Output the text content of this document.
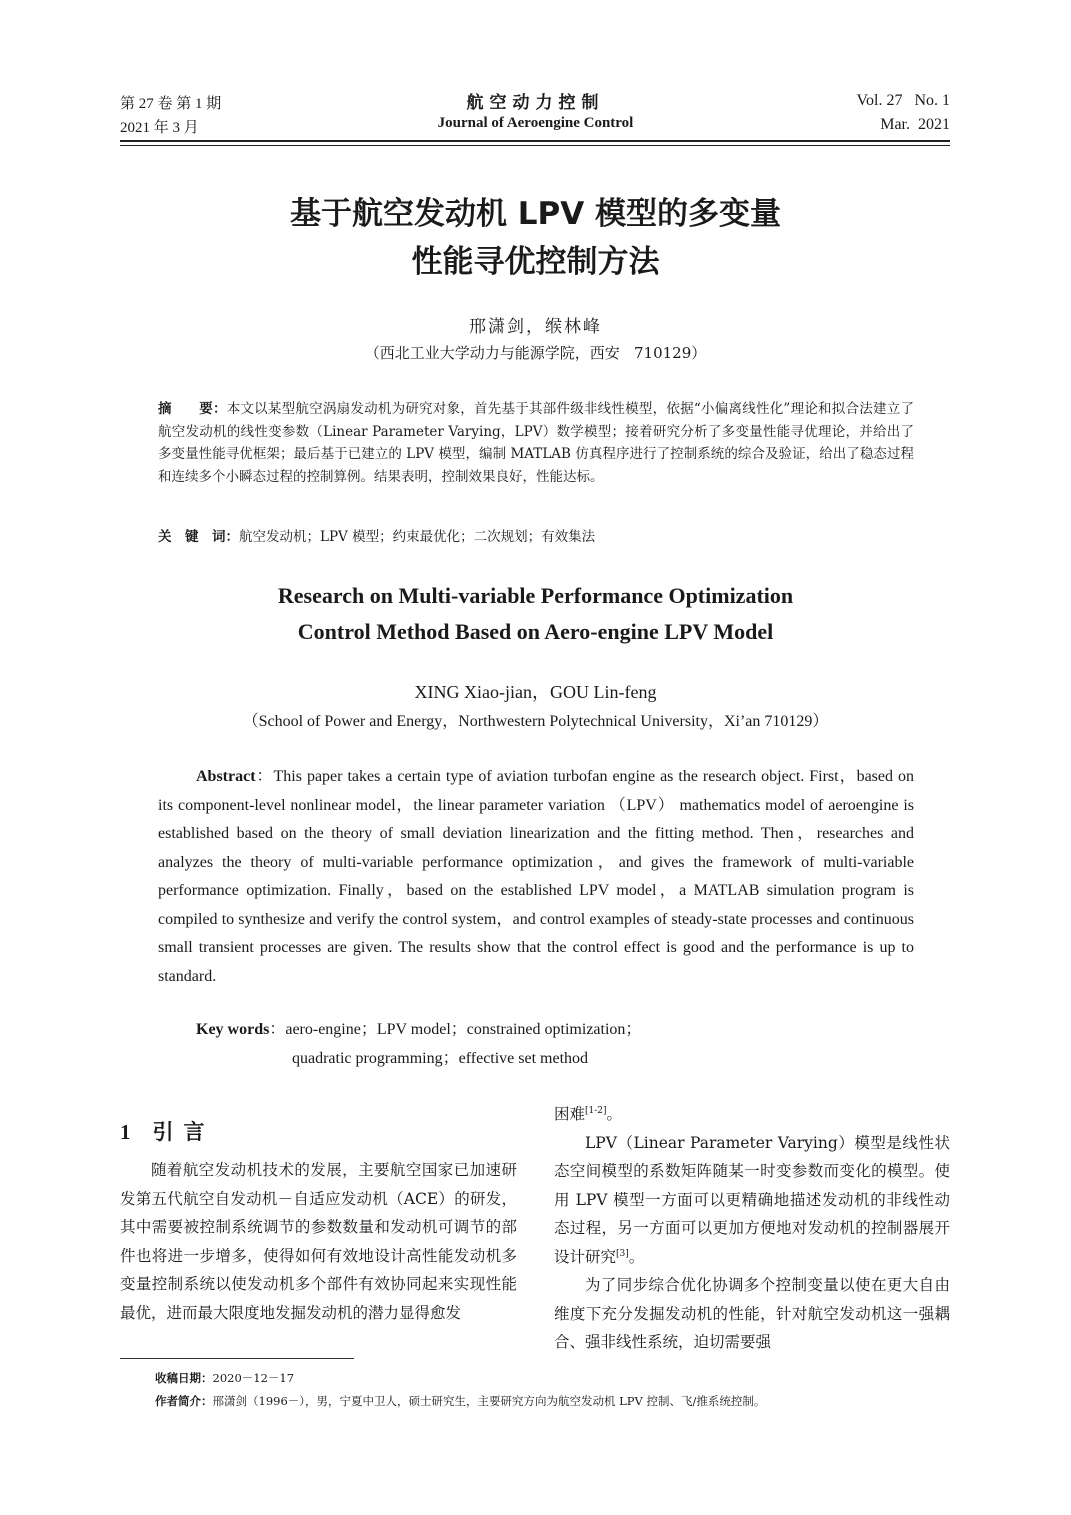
第 27 卷 第 1 期
2021 年 3 月
航空动力控制
Journal of Aeroengine Control
Vol. 27   No. 1
Mar.  2021
基于航空发动机 LPV 模型的多变量
性能寻优控制方法
邢潇剑，缑林峰
（西北工业大学动力与能源学院，西安   710129）
摘　　要：本文以某型航空涡扇发动机为研究对象，首先基于其部件级非线性模型，依据“小偏离线性化”理论和拟合法建立了航空发动机的线性变参数（Linear Parameter Varying，LPV）数学模型；接着研究分析了多变量性能寻优理论，并给出了多变量性能寻优框架；最后基于已建立的 LPV 模型，编制 MATLAB 仿真程序进行了控制系统的综合及验证，给出了稳态过程和连续多个小瞬态过程的控制算例。结果表明，控制效果良好，性能达标。
关　键　词：航空发动机；LPV 模型；约束最优化；二次规划；有效集法
Research on Multi-variable Performance Optimization
Control Method Based on Aero-engine LPV Model
XING Xiao-jian，GOU Lin-feng
（School of Power and Energy，Northwestern Polytechnical University，Xi’an 710129）
Abstract：This paper takes a certain type of aviation turbofan engine as the research object. First，based on its component-level nonlinear model，the linear parameter variation （LPV） mathematics model of aeroengine is established based on the theory of small deviation linearization and the fitting method. Then，researches and analyzes the theory of multi-variable performance optimization，and gives the framework of multi-variable performance optimization. Finally，based on the established LPV model，a MATLAB simulation program is compiled to synthesize and verify the control system，and control examples of steady-state processes and continuous small transient processes are given. The results show that the control effect is good and the performance is up to standard.
Key words：aero-engine；LPV model；constrained optimization；
quadratic programming；effective set method
1 引言

随着航空发动机技术的发展，主要航空国家已加速研发第五代航空自发动机－自适应发动机（ACE）的研发，其中需要被控制系统调节的参数数量和发动机可调节的部件也将进一步增多，使得如何有效地设计高性能发动机多变量控制系统以使发动机多个部件有效协同起来实现性能最优，进而最大限度地发掘发动机的潜力显得愈发

困难[1-2]。

LPV（Linear Parameter Varying）模型是线性状态空间模型的系数矩阵随某一时变参数而变化的模型。使用 LPV 模型一方面可以更精确地描述发动机的非线性动态过程，另一方面可以更加方便地对发动机的控制器展开设计研究[3]。

为了同步综合优化协调多个控制变量以使在更大自由维度下充分发掘发动机的性能，针对航空发动机这一强耦合、强非线性系统，迫切需要强

收稿日期：2020－12－17
作者简介：邢潇剑（1996－），男，宁夏中卫人，硕士研究生，主要研究方向为航空发动机 LPV 控制、飞/推系统控制。
